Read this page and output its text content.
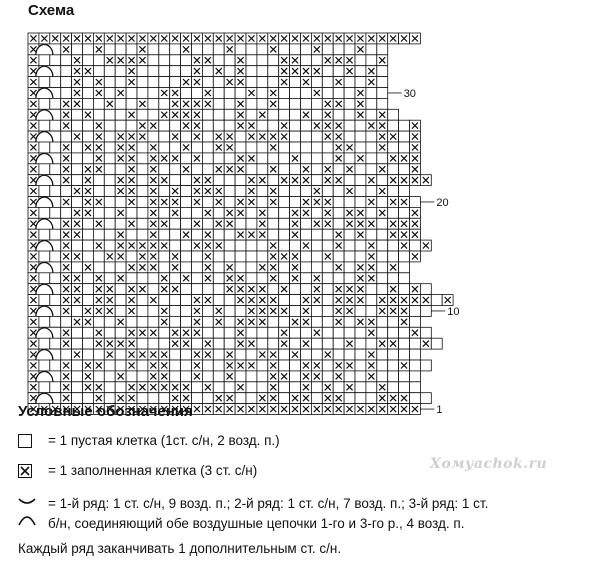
Схема
1
10
20
30
Условные обозначения
= 1 пустая клетка (1ст. с/н, 2 возд. п.)
= 1 заполненная клетка (3 ст. с/н)
= 1-й ряд: 1 ст. с/н, 9 возд. п.; 2-й ряд: 1 ст. с/н, 7 возд. п.; 3-й ряд: 1 ст.
б/н, соединяющий обе воздушные цепочки 1-го и 3-го р., 4 возд. п.
Хомуachok.ru
Каждый ряд заканчивать 1 дополнительным ст. с/н.
